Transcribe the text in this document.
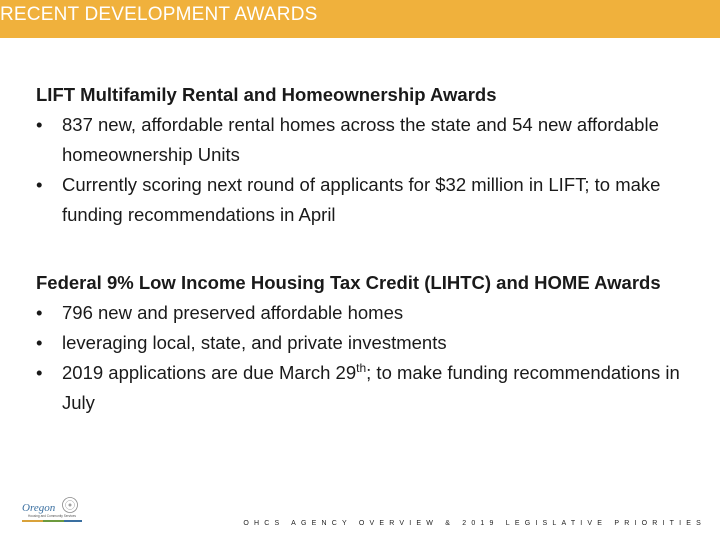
RECENT DEVELOPMENT AWARDS

LIFT Multifamily Rental and Homeownership Awards

• 837 new, affordable rental homes across the state and 54 new affordable homeownership Units
• Currently scoring next round of applicants for $32 million in LIFT; to make funding recommendations in April

Federal 9% Low Income Housing Tax Credit (LIHTC) and HOME Awards

• 796 new and preserved affordable homes
• leveraging local, state, and private investments
• 2019 applications are due March 29th; to make funding recommendations in July
Oregon
Housing and Community Services
OHCS AGENCY OVERVIEW & 2019 LEGISLATIVE PRIORITIES
